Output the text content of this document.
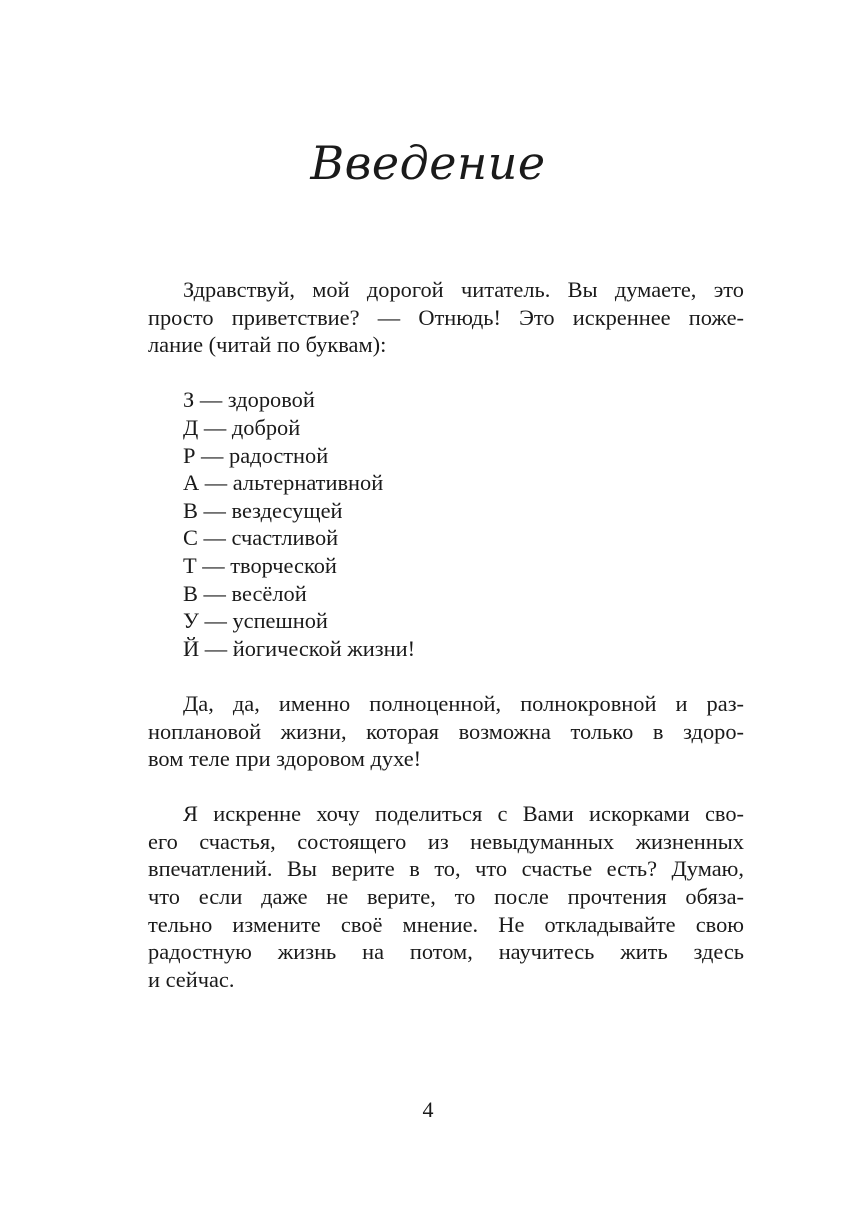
Введение

Здравствуй, мой дорогой читатель. Вы думаете, это
просто приветствие? — Отнюдь! Это искреннее поже-
лание (читай по буквам):

З — здоровой
Д — доброй
Р — радостной
А — альтернативной
В — вездесущей
С — счастливой
Т — творческой
В — весёлой
У — успешной
Й — йогической жизни!

Да, да, именно полноценной, полнокровной и раз-
ноплановой жизни, которая возможна только в здоро-
вом теле при здоровом духе!

Я искренне хочу поделиться с Вами искорками сво-
его счастья, состоящего из невыдуманных жизненных
впечатлений. Вы верите в то, что счастье есть? Думаю,
что если даже не верите, то после прочтения обяза-
тельно измените своё мнение. Не откладывайте свою
радостную жизнь на потом, научитесь жить здесь
и сейчас.

4
